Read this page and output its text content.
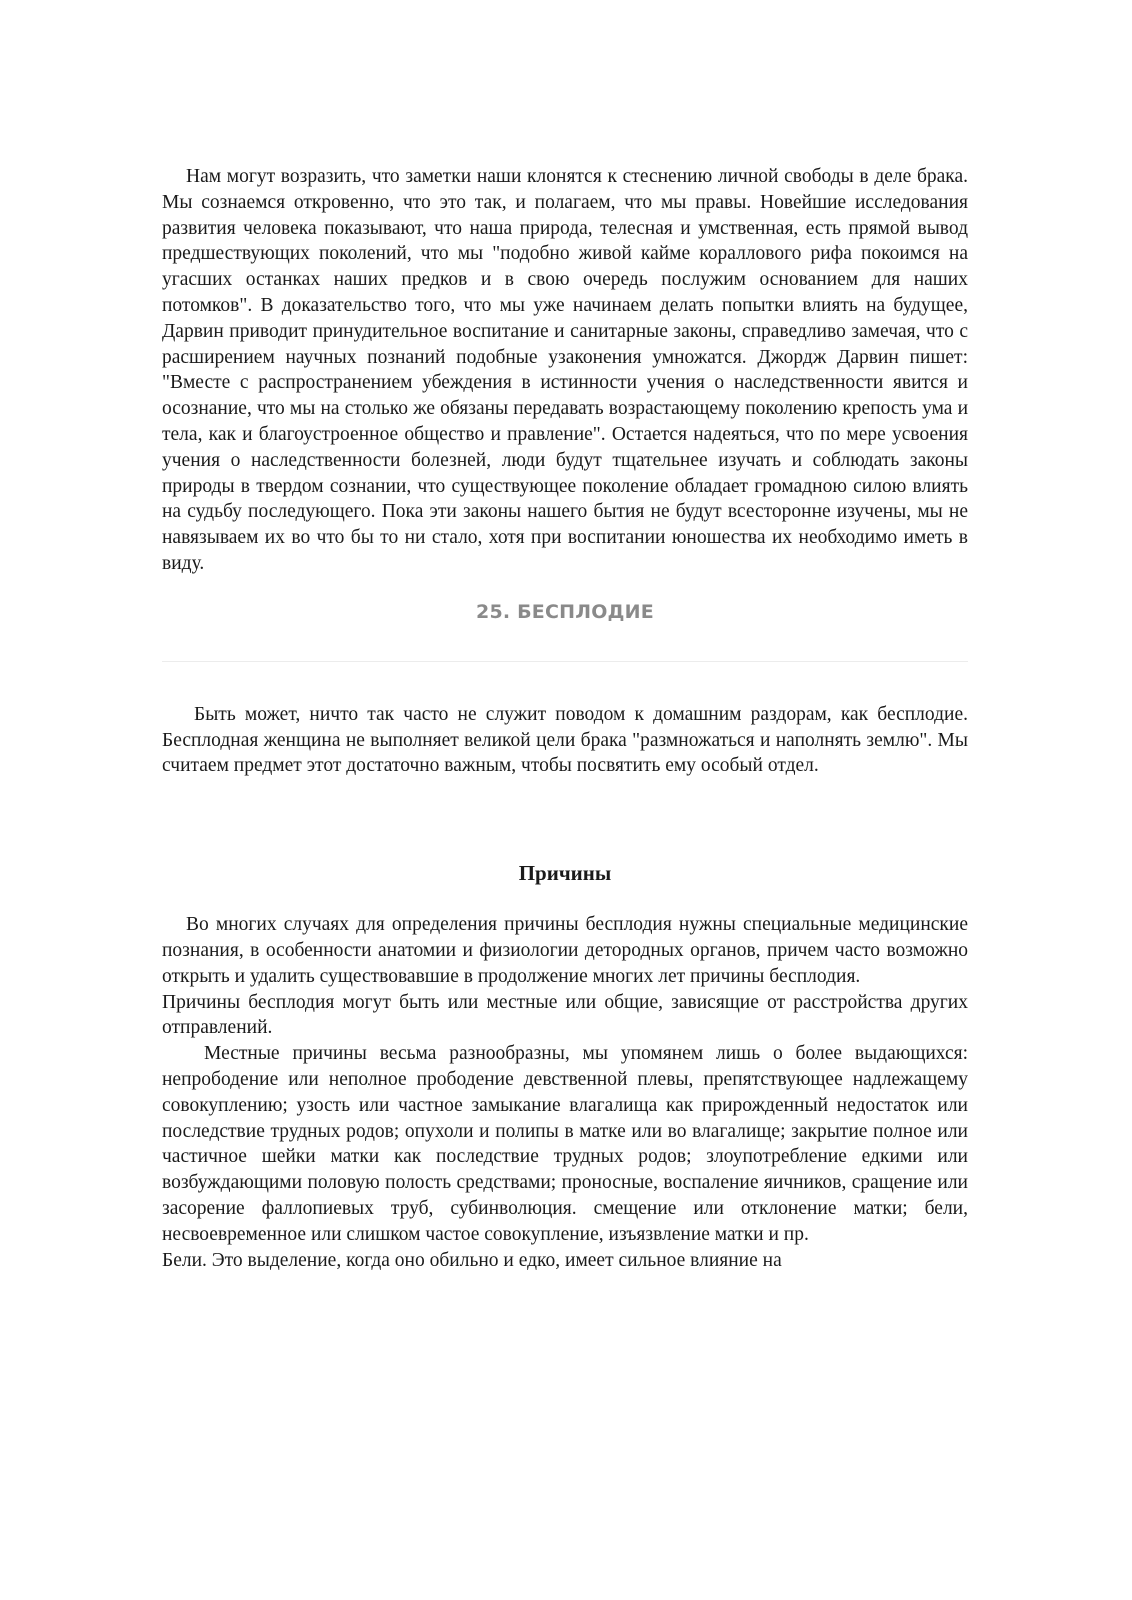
Нам могут возразить, что заметки наши клонятся к стеснению личной свободы в деле брака. Мы сознаемся откровенно, что это так, и полагаем, что мы правы. Новейшие исследования развития человека показывают, что наша природа, телесная и умственная, есть прямой вывод предшествующих поколений, что мы "подобно живой кайме кораллового рифа покоимся на угасших останках наших предков и в свою очередь послужим основанием для наших потомков". В доказательство того, что мы уже начинаем делать попытки влиять на будущее, Дарвин приводит принудительное воспитание и санитарные законы, справедливо замечая, что с расширением научных познаний подобные узаконения умножатся. Джордж Дарвин пишет: "Вместе с распространением убеждения в истинности учения о наследственности явится и осознание, что мы на столько же обязаны передавать возрастающему поколению крепость ума и тела, как и благоустроенное общество и правление". Остается надеяться, что по мере усвоения учения о наследственности болезней, люди будут тщательнее изучать и соблюдать законы природы в твердом сознании, что существующее поколение обладает громадною силою влиять на судьбу последующего. Пока эти законы нашего бытия не будут всесторонне изучены, мы не навязываем их во что бы то ни стало, хотя при воспитании юношества их необходимо иметь в виду.

25. БЕСПЛОДИЕ

Быть может, ничто так часто не служит поводом к домашним раздорам, как бесплодие. Бесплодная женщина не выполняет великой цели брака "размножаться и наполнять землю". Мы считаем предмет этот достаточно важным, чтобы посвятить ему особый отдел.

Причины

Во многих случаях для определения причины бесплодия нужны специальные медицинские познания, в особенности анатомии и физиологии детородных органов, причем часто возможно открыть и удалить существовавшие в продолжение многих лет причины бесплодия.

Причины бесплодия могут быть или местные или общие, зависящие от расстройства других отправлений.

Местные причины весьма разнообразны, мы упомянем лишь о более выдающихся: непрободение или неполное прободение девственной плевы, препятствующее надлежащему совокуплению; узость или частное замыкание влагалища как прирожденный недостаток или последствие трудных родов; опухоли и полипы в матке или во влагалище; закрытие полное или частичное шейки матки как последствие трудных родов; злоупотребление едкими или возбуждающими половую полость средствами; проносные, воспаление яичников, сращение или засорение фаллопиевых труб, субинволюция. смещение или отклонение матки; бели, несвоевременное или слишком частое совокупление, изъязвление матки и пр.

Бели. Это выделение, когда оно обильно и едко, имеет сильное влияние на
